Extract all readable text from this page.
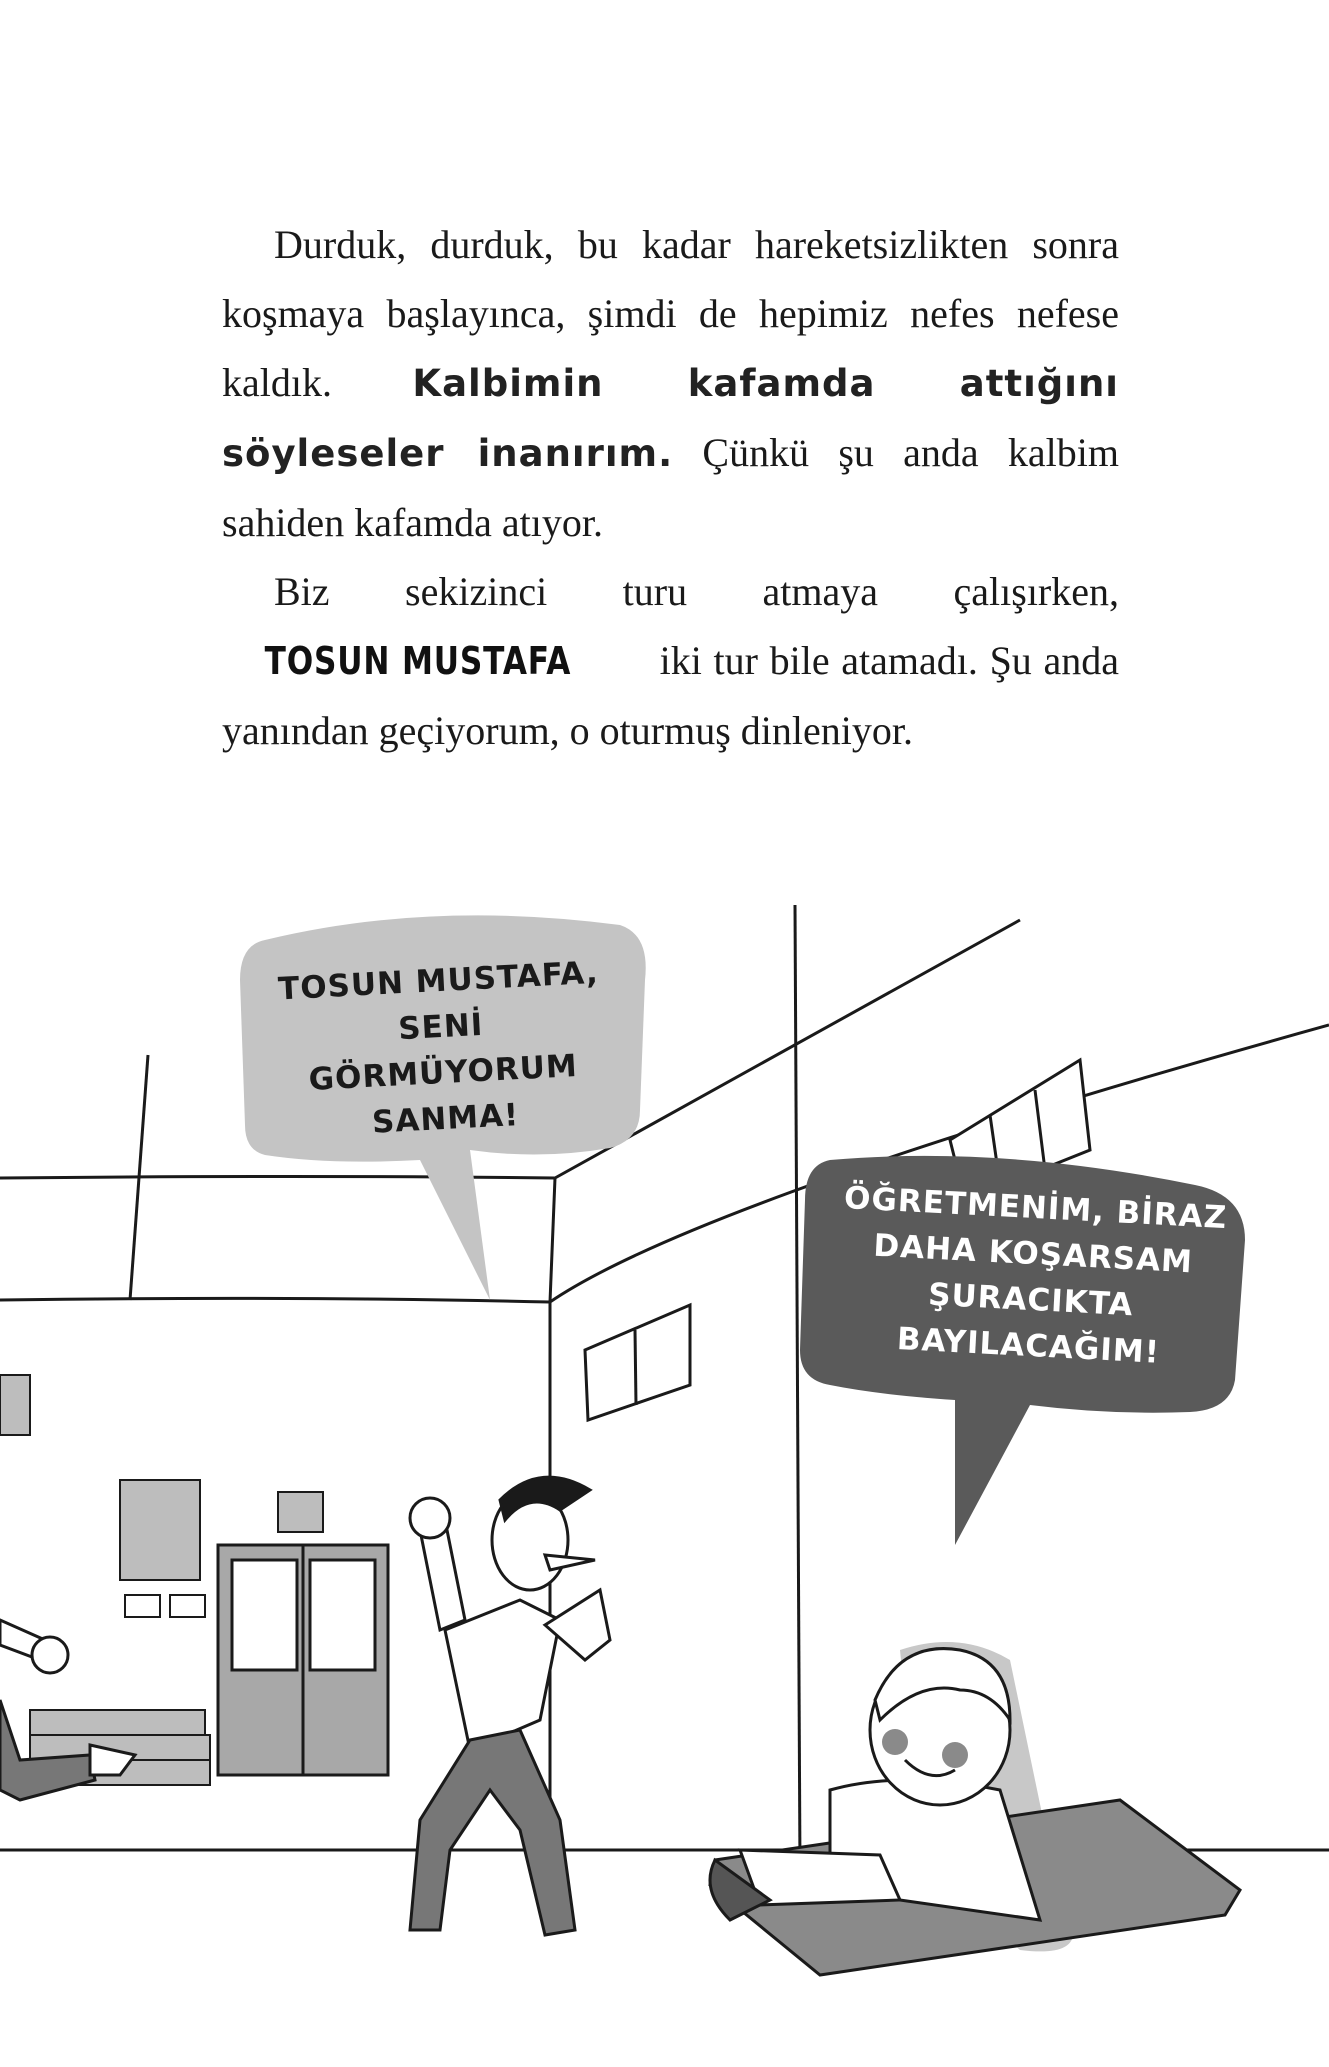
Durduk, durduk, bu kadar hareketsizlikten sonra koşmaya başlayınca, şimdi de hepimiz nefes nefese kaldık. Kalbimin kafamda attığını söyleseler inanırım. Çünkü şu anda kalbim sahiden kafamda atıyor.

Biz sekizinci turu atmaya çalışırken, TOSUN MUSTAFA iki tur bile atamadı. Şu anda yanından geçiyorum, o oturmuş dinleniyor.

TOSUN MUSTAFA,
SENİ GÖRMÜYORUM
SANMA!
ÖĞRETMENİM, BİRAZ
DAHA KOŞARSAM
ŞURACIKTA
BAYILACAĞIM!
